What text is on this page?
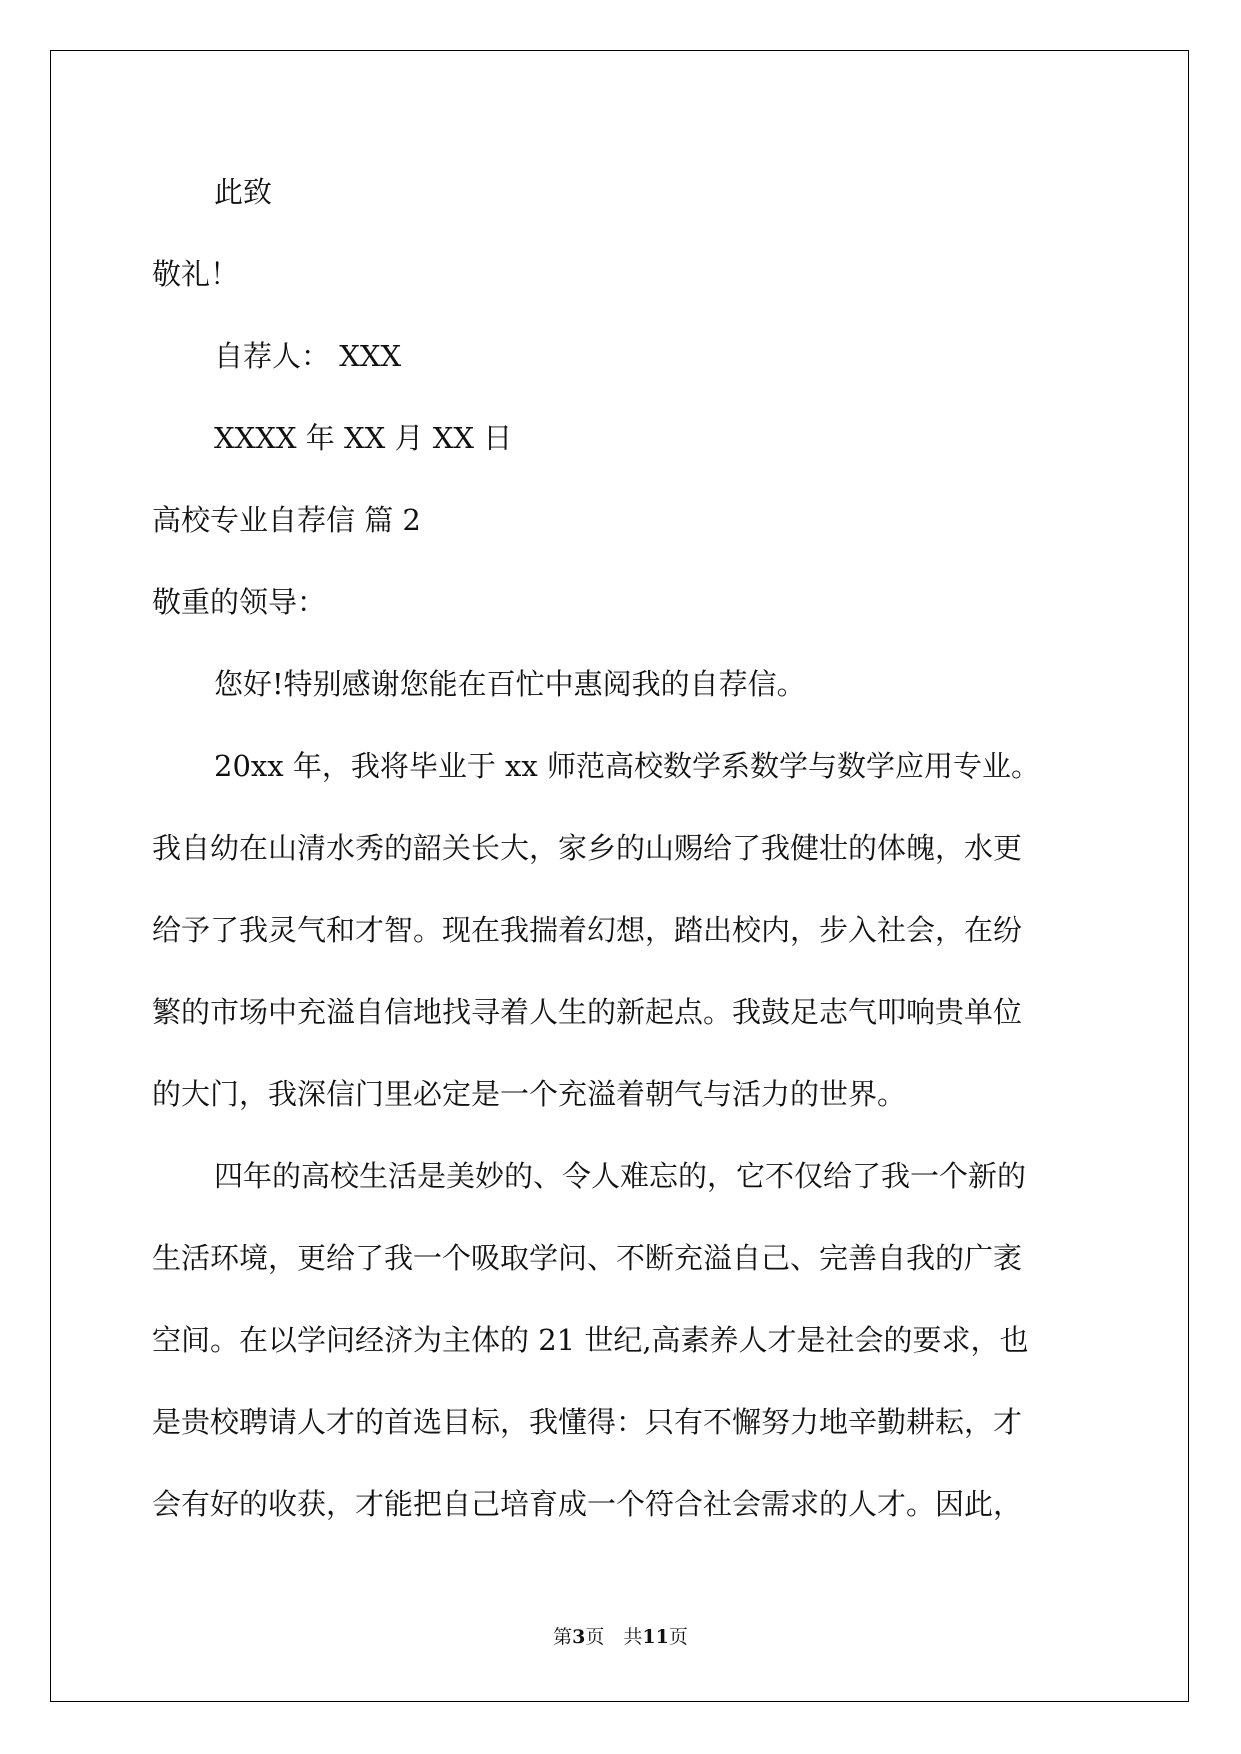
此致

敬礼！

自荐人： XXX

XXXX 年 XX 月 XX 日

高校专业自荐信 篇 2

敬重的领导：

您好!特别感谢您能在百忙中惠阅我的自荐信。

20xx 年，我将毕业于 xx 师范高校数学系数学与数学应用专业。

我自幼在山清水秀的韶关长大，家乡的山赐给了我健壮的体魄，水更

给予了我灵气和才智。现在我揣着幻想，踏出校内，步入社会，在纷

繁的市场中充溢自信地找寻着人生的新起点。我鼓足志气叩响贵单位

的大门，我深信门里必定是一个充溢着朝气与活力的世界。

四年的高校生活是美妙的、令人难忘的，它不仅给了我一个新的

生活环境，更给了我一个吸取学问、不断充溢自己、完善自我的广袤

空间。在以学问经济为主体的 21 世纪,高素养人才是社会的要求，也

是贵校聘请人才的首选目标，我懂得：只有不懈努力地辛勤耕耘，才

会有好的收获，才能把自己培育成一个符合社会需求的人才。因此，

第3页　共11页
